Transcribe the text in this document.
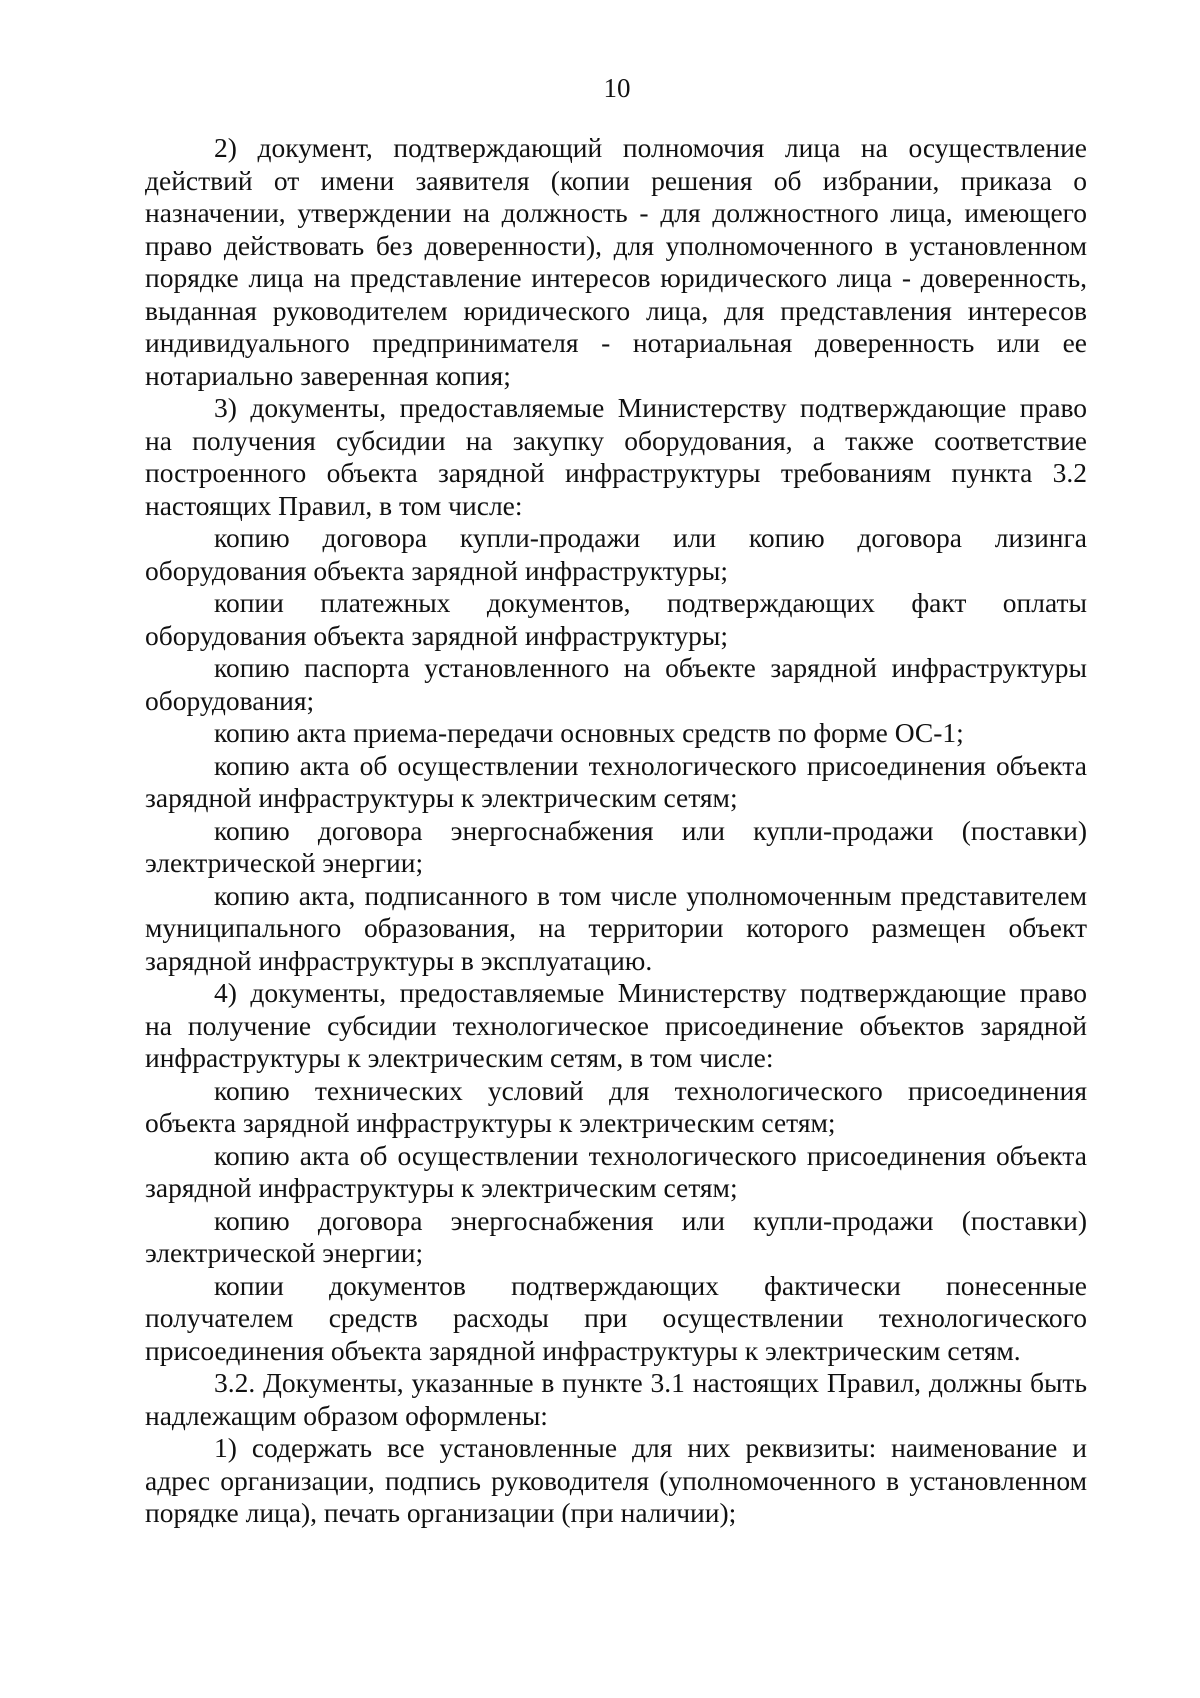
10

2) документ, подтверждающий полномочия лица на осуществление действий от имени заявителя (копии решения об избрании, приказа о назначении, утверждении на должность - для должностного лица, имеющего право действовать без доверенности), для уполномоченного в установленном порядке лица на представление интересов юридического лица - доверенность, выданная руководителем юридического лица, для представления интересов индивидуального предпринимателя - нотариальная доверенность или ее нотариально заверенная копия;

3) документы, предоставляемые Министерству подтверждающие право на получения субсидии на закупку оборудования, а также соответствие построенного объекта зарядной инфраструктуры требованиям пункта 3.2 настоящих Правил, в том числе:

копию договора купли-продажи или копию договора лизинга оборудования объекта зарядной инфраструктуры;

копии платежных документов, подтверждающих факт оплаты оборудования объекта зарядной инфраструктуры;

копию паспорта установленного на объекте зарядной инфраструктуры оборудования;

копию акта приема-передачи основных средств по форме ОС-1;

копию акта об осуществлении технологического присоединения объекта зарядной инфраструктуры к электрическим сетям;

копию договора энергоснабжения или купли-продажи (поставки) электрической энергии;

копию акта, подписанного в том числе уполномоченным представителем муниципального образования, на территории которого размещен объект зарядной инфраструктуры в эксплуатацию.

4) документы, предоставляемые Министерству подтверждающие право на получение субсидии технологическое присоединение объектов зарядной инфраструктуры к электрическим сетям, в том числе:

копию технических условий для технологического присоединения объекта зарядной инфраструктуры к электрическим сетям;

копию акта об осуществлении технологического присоединения объекта зарядной инфраструктуры к электрическим сетям;

копию договора энергоснабжения или купли-продажи (поставки) электрической энергии;

копии документов подтверждающих фактически понесенные получателем средств расходы при осуществлении технологического присоединения объекта зарядной инфраструктуры к электрическим сетям.

3.2. Документы, указанные в пункте 3.1 настоящих Правил, должны быть надлежащим образом оформлены:

1) содержать все установленные для них реквизиты: наименование и адрес организации, подпись руководителя (уполномоченного в установленном порядке лица), печать организации (при наличии);
